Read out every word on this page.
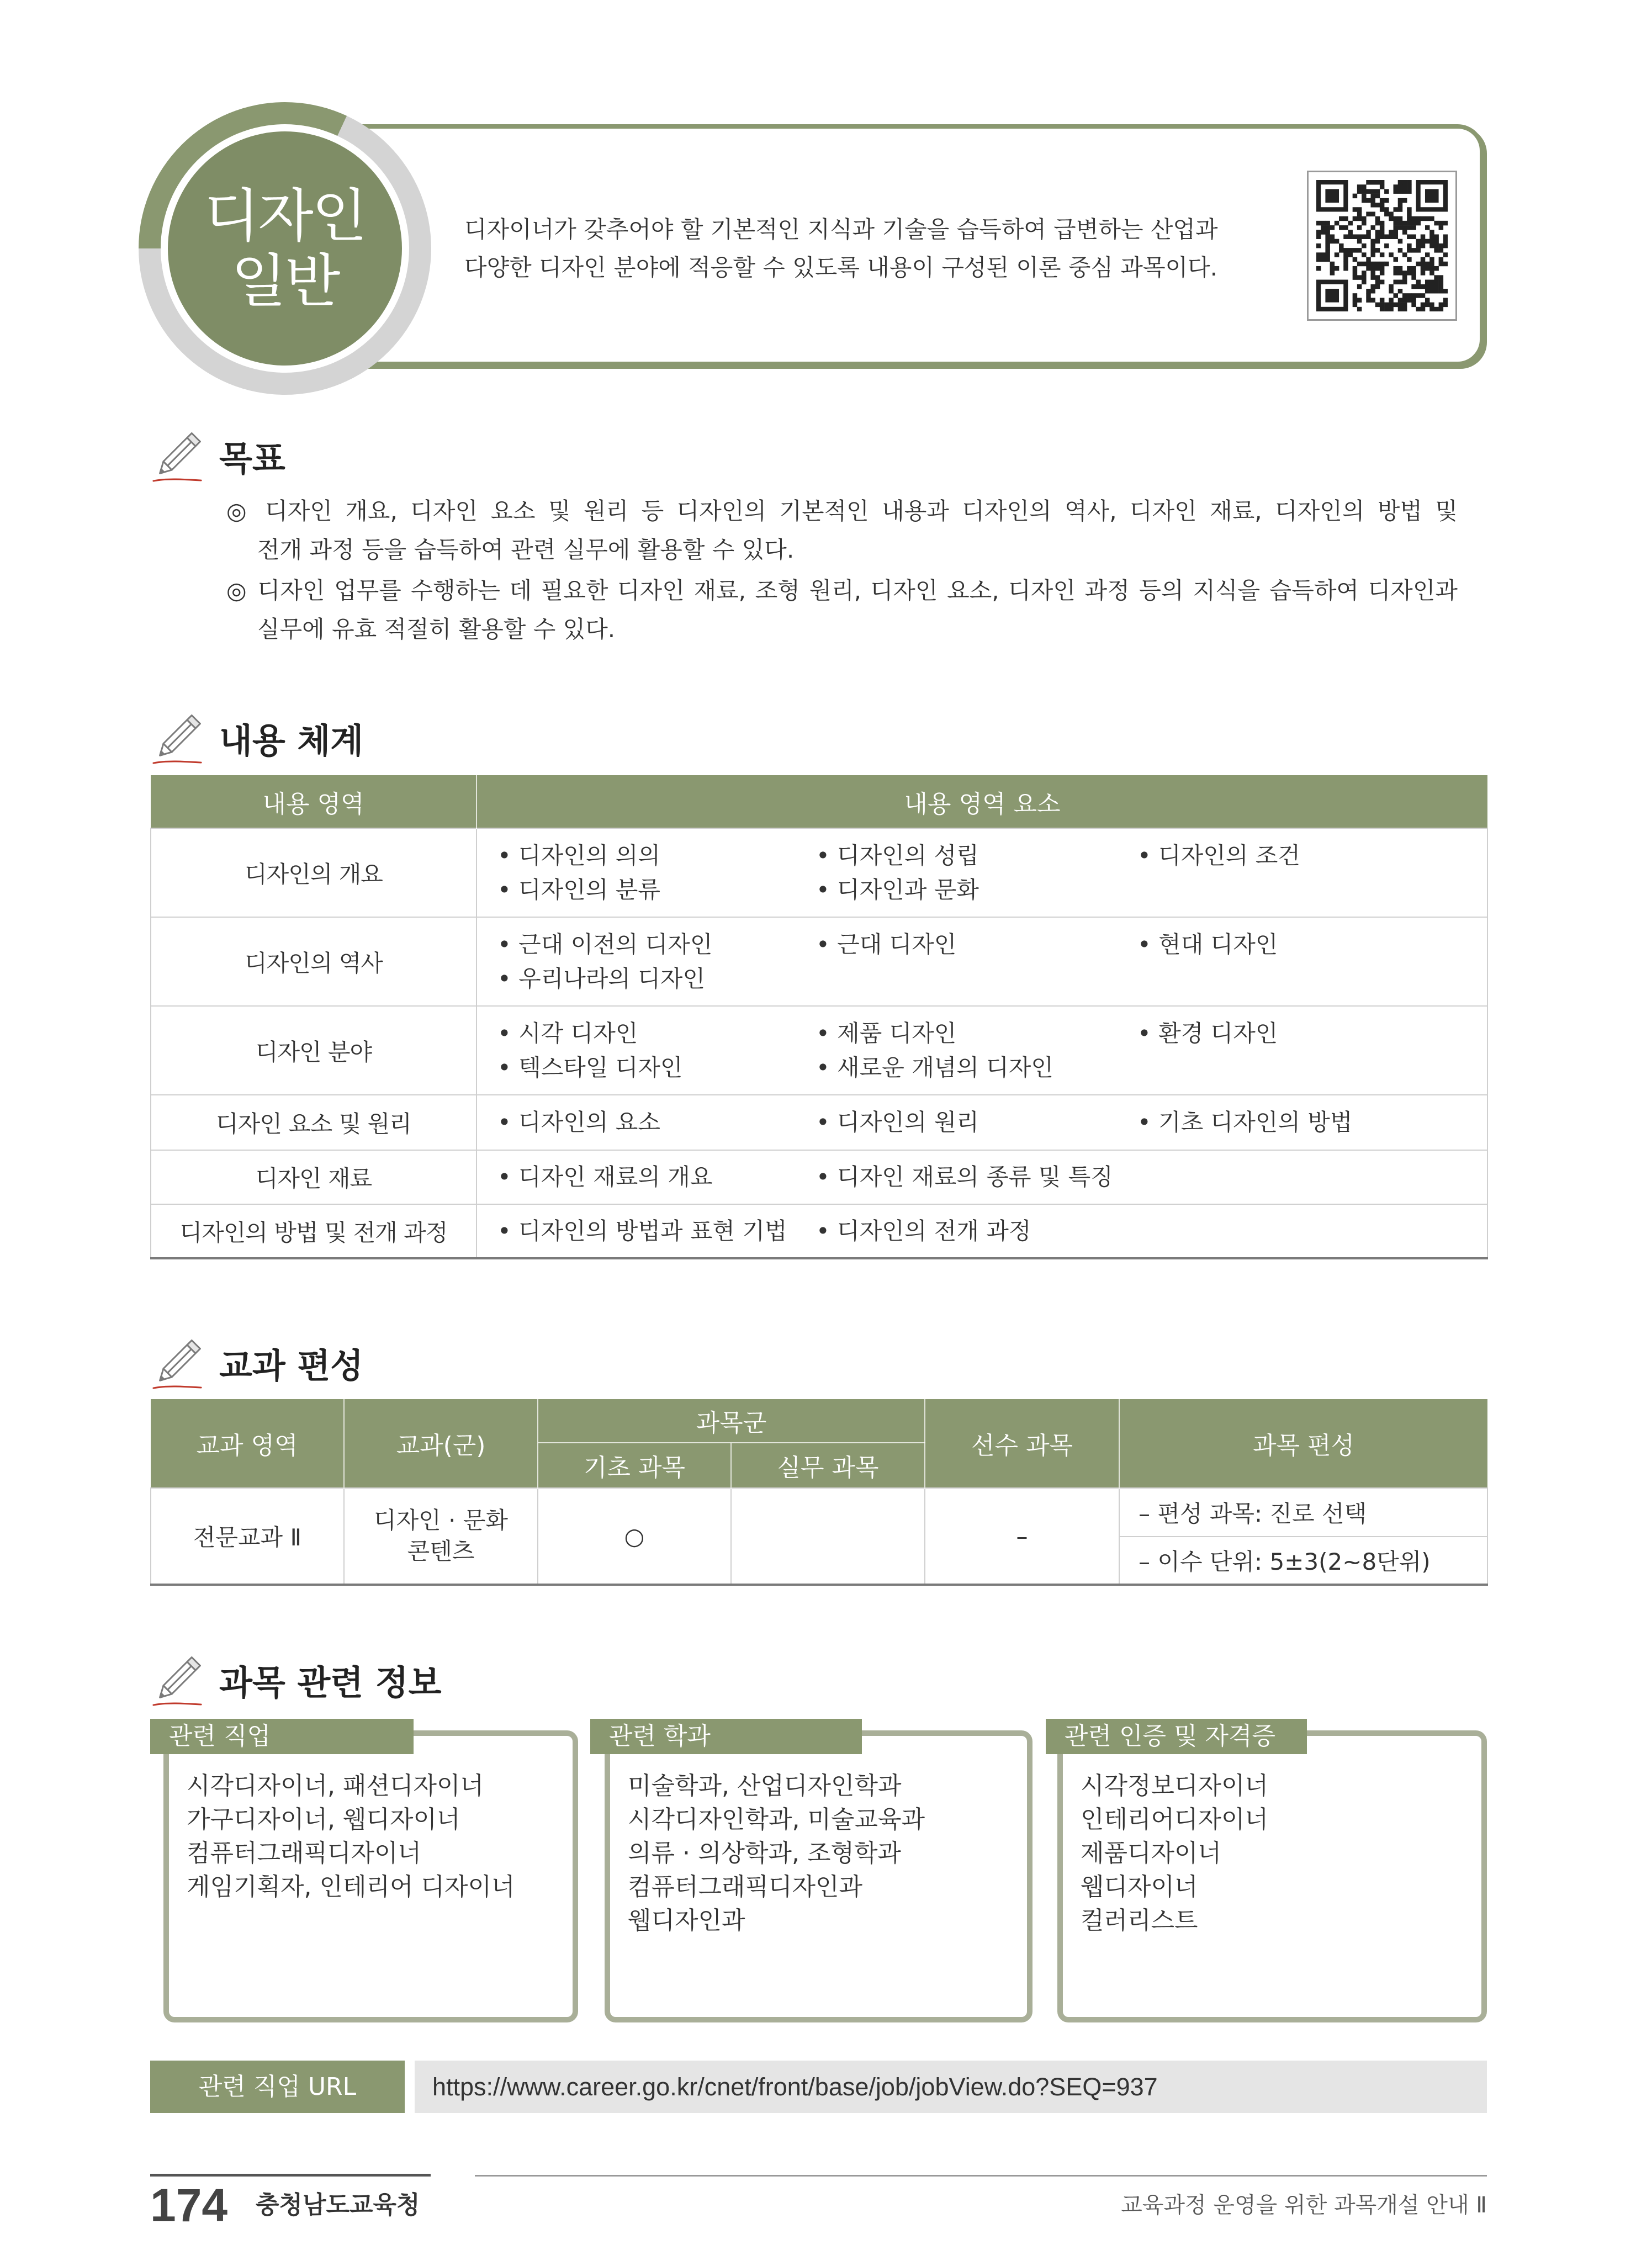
디자이너가 갖추어야 할 기본적인 지식과 기술을 습득하여 급변하는 산업과
다양한 디자인 분야에 적응할 수 있도록 내용이 구성된 이론 중심 과목이다.
디자인
일반
목표
◎ 디자인 개요, 디자인 요소 및 원리 등 디자인의 기본적인 내용과 디자인의 역사, 디자인 재료, 디자인의 방법 및
전개 과정 등을 습득하여 관련 실무에 활용할 수 있다.
◎ 디자인 업무를 수행하는 데 필요한 디자인 재료, 조형 원리, 디자인 요소, 디자인 과정 등의 지식을 습득하여 디자인과
실무에 유효 적절히 활용할 수 있다.
내용 체계
내용 영역	내용 영역 요소
디자인의 개요	• 디자인의 의의 • 디자인의 성립 • 디자인의 조건
• 디자인의 분류 • 디자인과 문화

디자인의 역사	• 근대 이전의 디자인 • 근대 디자인 • 현대 디자인
• 우리나라의 디자인

디자인 분야	• 시각 디자인 • 제품 디자인 • 환경 디자인
• 텍스타일 디자인 • 새로운 개념의 디자인

디자인 요소 및 원리	• 디자인의 요소 • 디자인의 원리 • 기초 디자인의 방법

디자인 재료	• 디자인 재료의 개요 • 디자인 재료의 종류 및 특징

디자인의 방법 및 전개 과정	• 디자인의 방법과 표현 기법 • 디자인의 전개 과정
교과 편성
교과 영역	교과(군)	과목군		선수 과목	과목 편성
		기초 과목	실무 과목		
전문교과 Ⅱ	디자인 · 문화
콘텐츠	○		–	– 편성 과목: 진로 선택
					– 이수 단위: 5±3(2~8단위)
과목 관련 정보
시각디자이너, 패션디자이너
가구디자이너, 웹디자이너
컴퓨터그래픽디자이너
게임기획자, 인테리어 디자이너
관련 직업
미술학과, 산업디자인학과
시각디자인학과, 미술교육과
의류 · 의상학과, 조형학과
컴퓨터그래픽디자인과
웹디자인과
관련 학과
시각정보디자이너
인테리어디자이너
제품디자이너
웹디자이너
컬러리스트
관련 인증 및 자격증
관련 직업 URL	https://www.career.go.kr/cnet/front/base/job/jobView.do?SEQ=937
174 충청남도교육청	교육과정 운영을 위한 과목개설 안내 Ⅱ
